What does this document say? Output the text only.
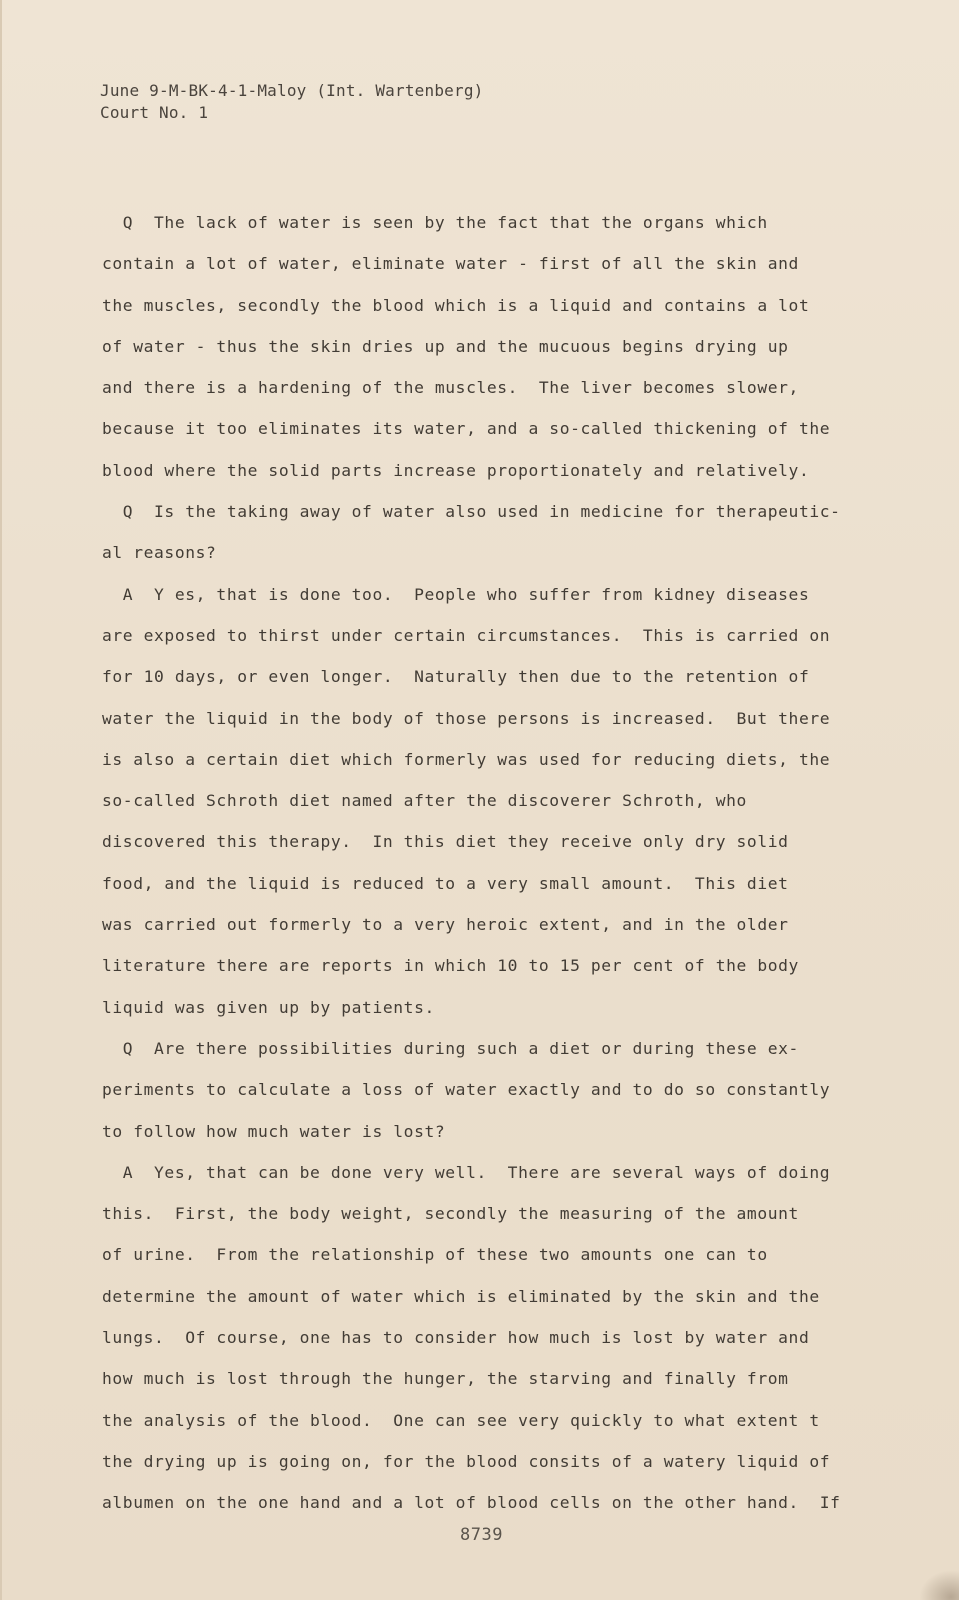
June 9-M-BK-4-1-Maloy (Int. Wartenberg)
Court No. 1
Q  The lack of water is seen by the fact that the organs which
contain a lot of water, eliminate water - first of all the skin and
the muscles, secondly the blood which is a liquid and contains a lot
of water - thus the skin dries up and the mucuous begins drying up
and there is a hardening of the muscles.  The liver becomes slower,
because it too eliminates its water, and a so-called thickening of the
blood where the solid parts increase proportionately and relatively.
Q  Is the taking away of water also used in medicine for therapeutic-
al reasons?
A  Y es, that is done too.  People who suffer from kidney diseases
are exposed to thirst under certain circumstances.  This is carried on
for 10 days, or even longer.  Naturally then due to the retention of
water the liquid in the body of those persons is increased.  But there
is also a certain diet which formerly was used for reducing diets, the
so-called Schroth diet named after the discoverer Schroth, who
discovered this therapy.  In this diet they receive only dry solid
food, and the liquid is reduced to a very small amount.  This diet
was carried out formerly to a very heroic extent, and in the older
literature there are reports in which 10 to 15 per cent of the body
liquid was given up by patients.
Q  Are there possibilities during such a diet or during these ex-
periments to calculate a loss of water exactly and to do so constantly
to follow how much water is lost?
A  Yes, that can be done very well.  There are several ways of doing
this.  First, the body weight, secondly the measuring of the amount
of urine.  From the relationship of these two amounts one can to
determine the amount of water which is eliminated by the skin and the
lungs.  Of course, one has to consider how much is lost by water and
how much is lost through the hunger, the starving and finally from
the analysis of the blood.  One can see very quickly to what extent t
the drying up is going on, for the blood consits of a watery liquid of
albumen on the one hand and a lot of blood cells on the other hand.  If
8739
